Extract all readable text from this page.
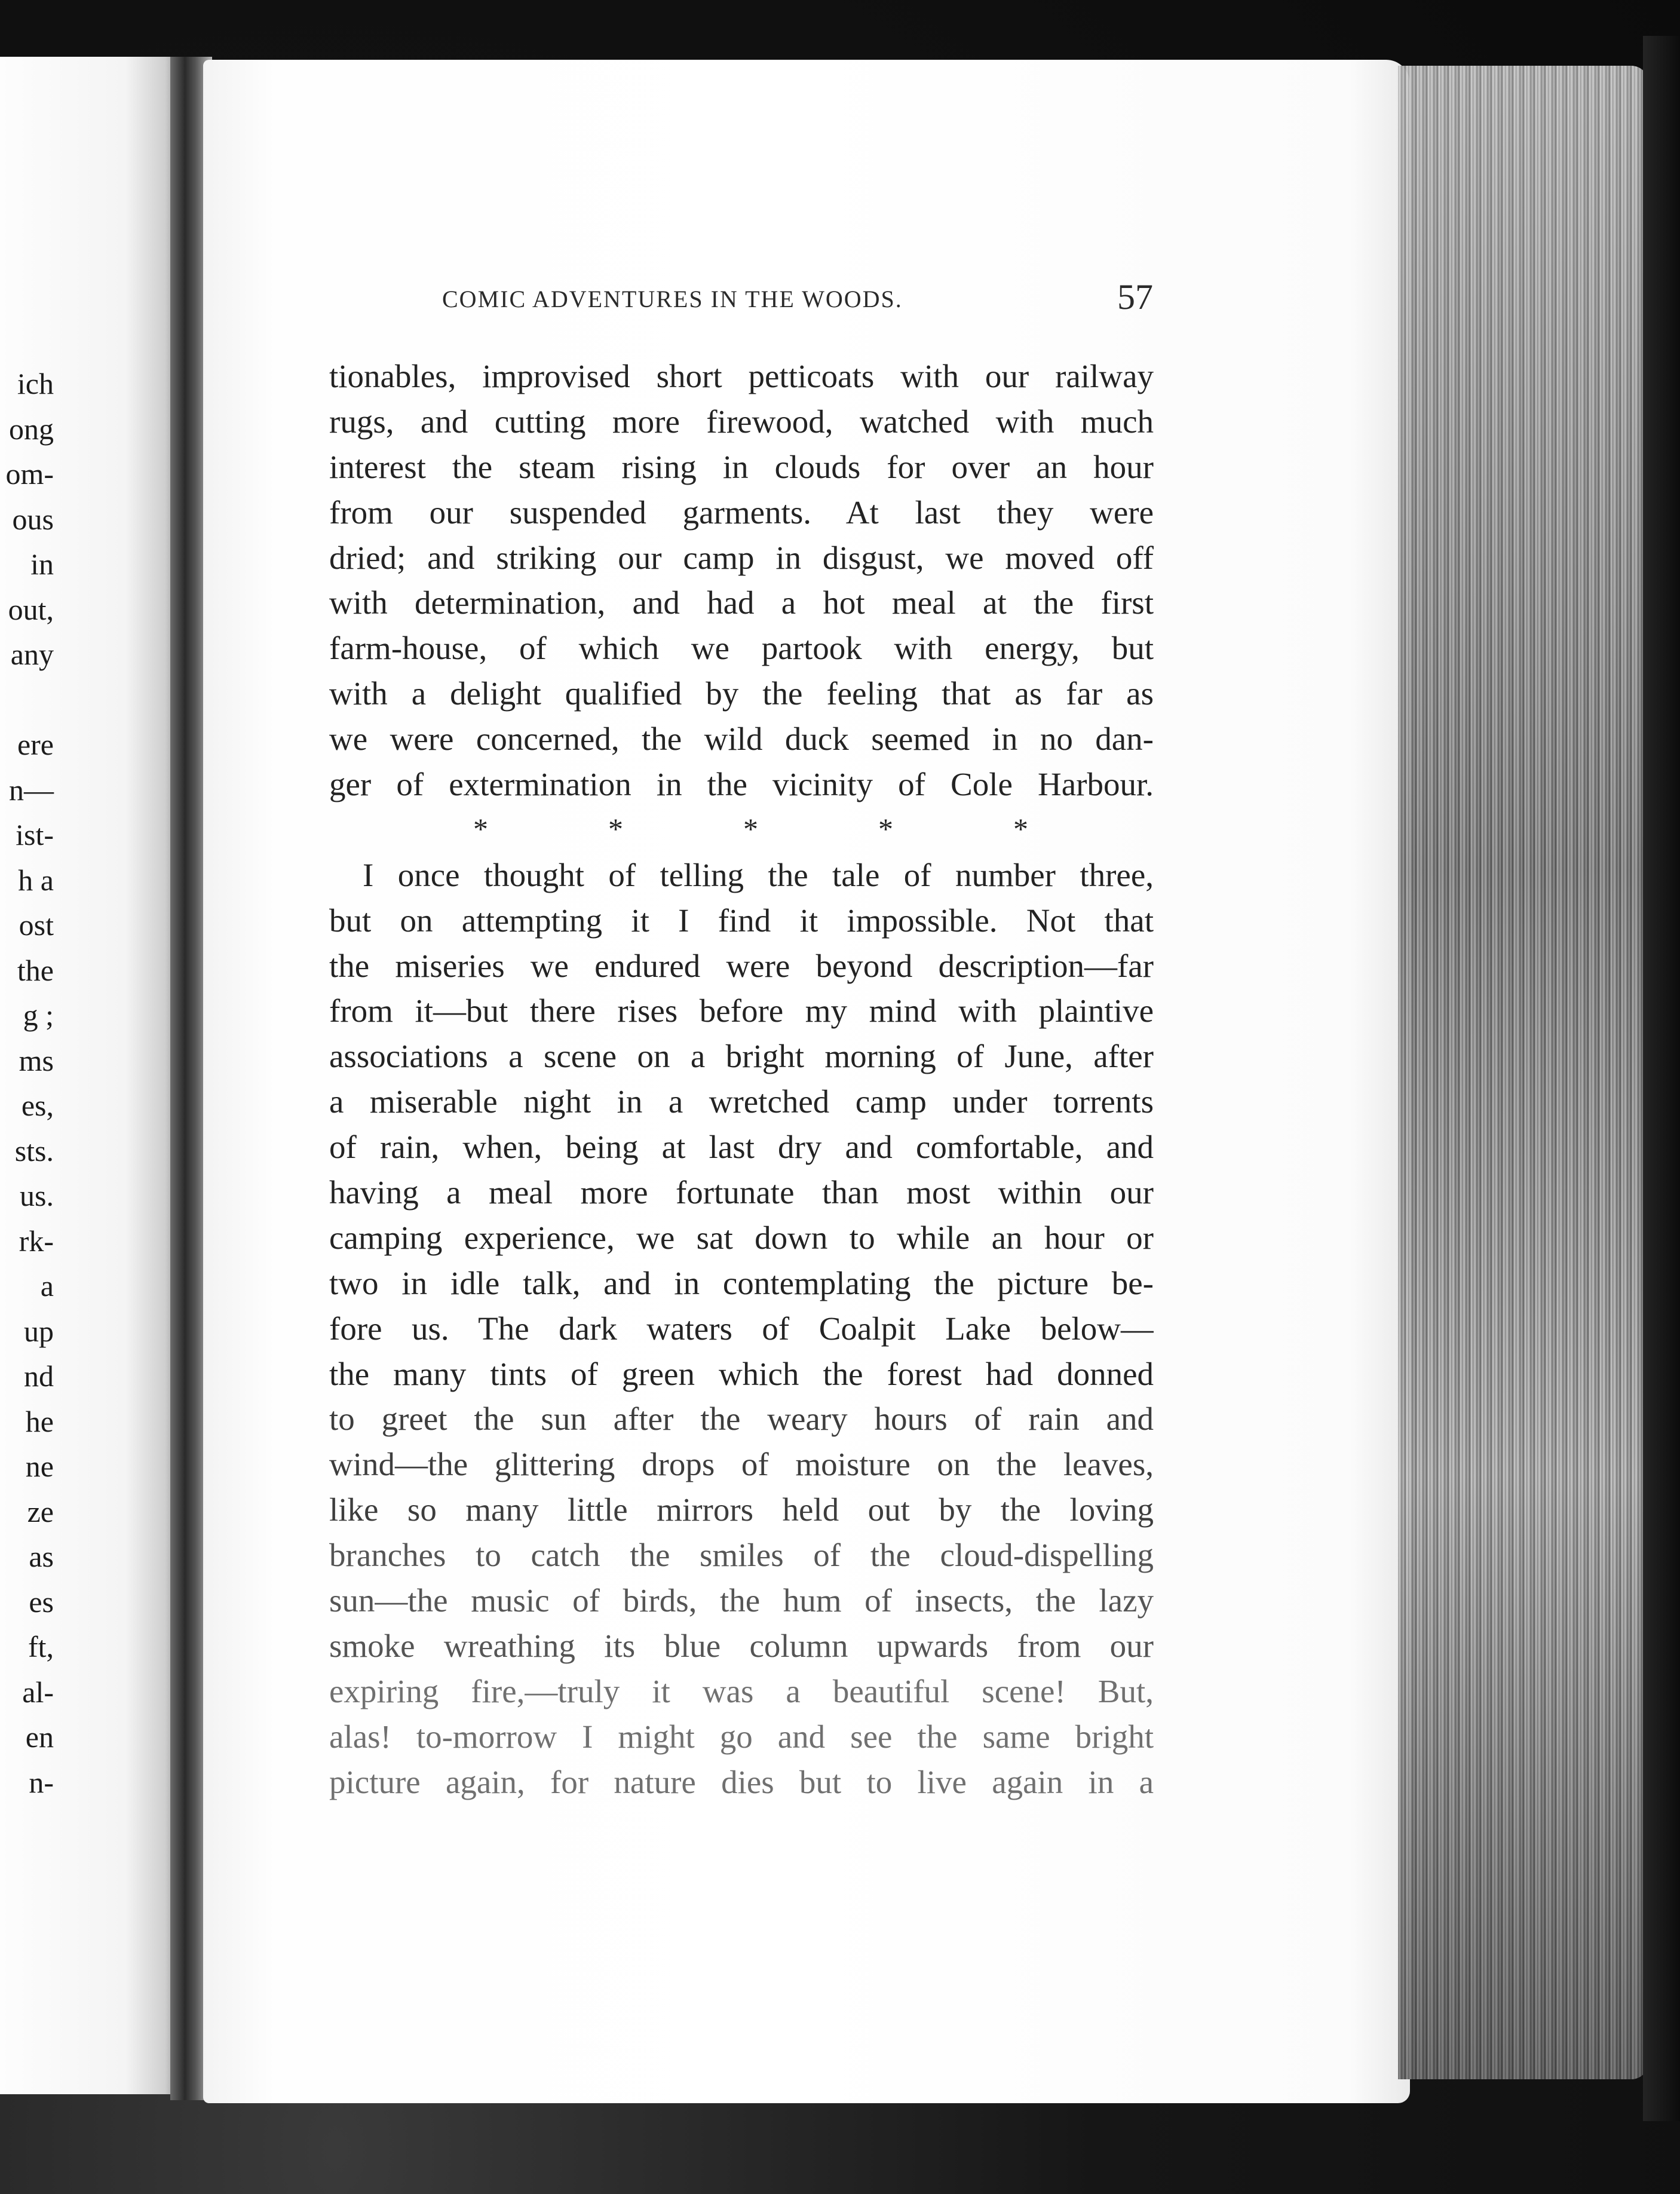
ich
ong
om-
ous
in
out,
any
ere
n—
ist-
h a
ost
the
g ;
ms
es,
sts.
us.
rk-
a
up
nd
he
ne
ze
as
es
ft,
al-
en
n-
COMIC ADVENTURES IN THE WOODS.	57
tionables, improvised short petticoats with our railway
rugs, and cutting more firewood, watched with much
interest the steam rising in clouds for over an hour
from our suspended garments. At last they were
dried; and striking our camp in disgust, we moved off
with determination, and had a hot meal at the first
farm-house, of which we partook with energy, but
with a delight qualified by the feeling that as far as
we were concerned, the wild duck seemed in no dan-
ger of extermination in the vicinity of Cole Harbour.
*	*	*	*	*
I once thought of telling the tale of number three,
but on attempting it I find it impossible. Not that
the miseries we endured were beyond description—far
from it—but there rises before my mind with plaintive
associations a scene on a bright morning of June, after
a miserable night in a wretched camp under torrents
of rain, when, being at last dry and comfortable, and
having a meal more fortunate than most within our
camping experience, we sat down to while an hour or
two in idle talk, and in contemplating the picture be-
fore us. The dark waters of Coalpit Lake below—
the many tints of green which the forest had donned
to greet the sun after the weary hours of rain and
wind—the glittering drops of moisture on the leaves,
like so many little mirrors held out by the loving
branches to catch the smiles of the cloud-dispelling
sun—the music of birds, the hum of insects, the lazy
smoke wreathing its blue column upwards from our
expiring fire,—truly it was a beautiful scene! But,
alas! to-morrow I might go and see the same bright
picture again, for nature dies but to live again in a
